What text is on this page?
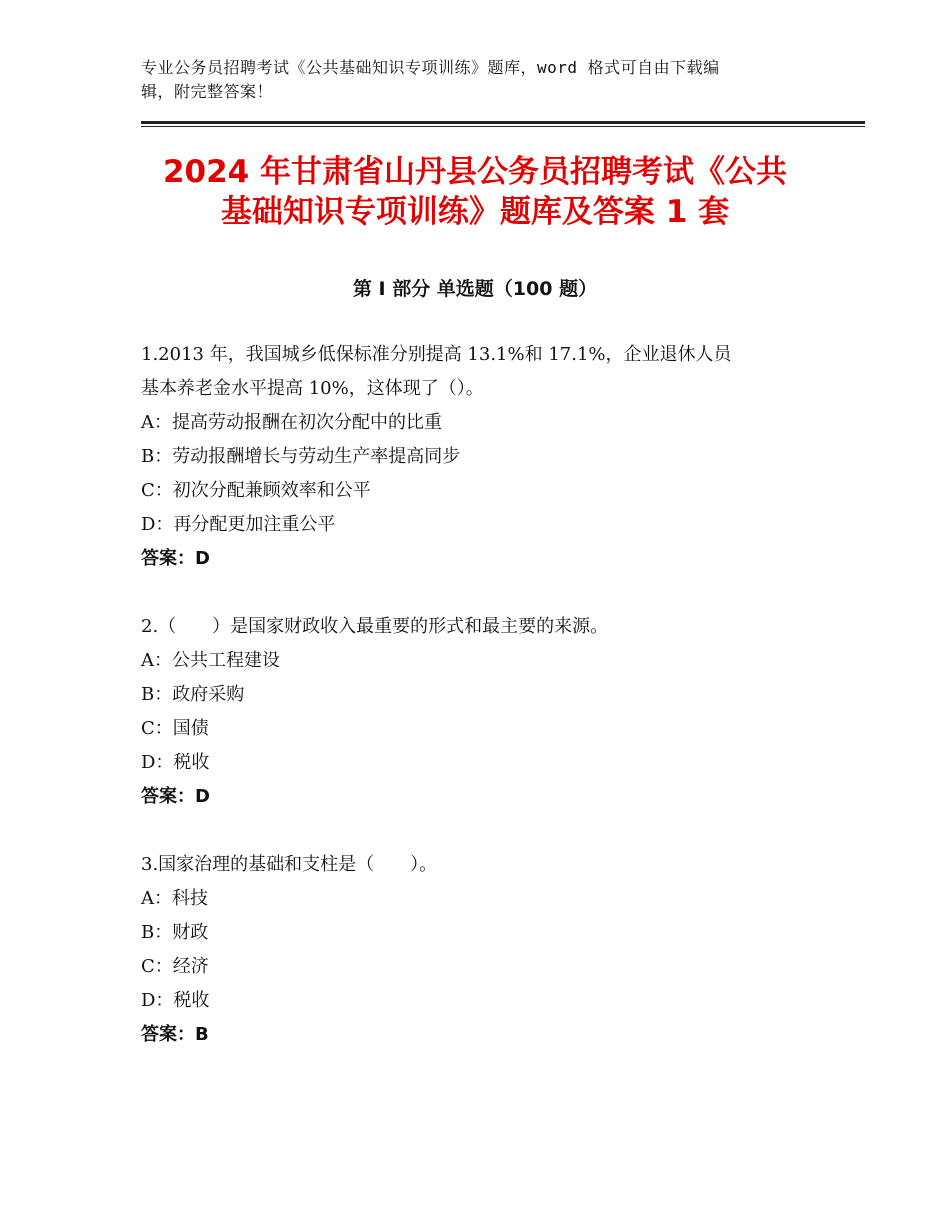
专业公务员招聘考试《公共基础知识专项训练》题库，word 格式可自由下载编
辑，附完整答案！
2024 年甘肃省山丹县公务员招聘考试《公共
基础知识专项训练》题库及答案 1 套
第 I 部分 单选题（100 题）

1.2013 年，我国城乡低保标准分别提高 13.1%和 17.1%，企业退休人员

基本养老金水平提高 10%，这体现了（）。

A：提高劳动报酬在初次分配中的比重

B：劳动报酬增长与劳动生产率提高同步

C：初次分配兼顾效率和公平

D：再分配更加注重公平

答案：D

2.（　　）是国家财政收入最重要的形式和最主要的来源。

A：公共工程建设

B：政府采购

C：国债

D：税收

答案：D

3.国家治理的基础和支柱是（　　）。

A：科技

B：财政

C：经济

D：税收

答案：B
